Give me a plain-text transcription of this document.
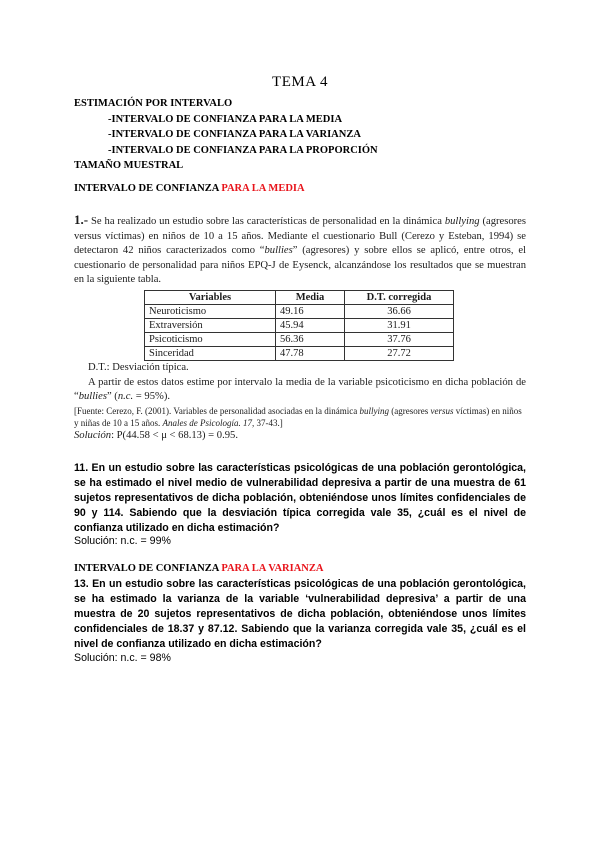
TEMA 4
ESTIMACIÓN POR INTERVALO
-INTERVALO DE CONFIANZA PARA LA MEDIA
-INTERVALO DE CONFIANZA PARA LA VARIANZA
-INTERVALO DE CONFIANZA PARA LA PROPORCIÓN
TAMAÑO MUESTRAL
INTERVALO DE CONFIANZA PARA LA MEDIA

1.- Se ha realizado un estudio sobre las características de personalidad en la dinámica bullying (agresores versus víctimas) en niños de 10 a 15 años. Mediante el cuestionario Bull (Cerezo y Esteban, 1994) se detectaron 42 niños caracterizados como “bullies” (agresores) y sobre ellos se aplicó, entre otros, el cuestionario de personalidad para niños EPQ-J de Eysenck, alcanzándose los resultados que se muestran en la siguiente tabla.

Variables	Media	D.T. corregida
Neuroticismo	49.16	36.66
Extraversión	45.94	31.91
Psicoticismo	56.36	37.76
Sinceridad	47.78	27.72

D.T.: Desviación típica.

A partir de estos datos estime por intervalo la media de la variable psicoticismo en dicha población de “bullies” (n.c. = 95%).

[Fuente: Cerezo, F. (2001). Variables de personalidad asociadas en la dinámica bullying (agresores versus víctimas) en niños y niñas de 10 a 15 años. Anales de Psicología. 17, 37-43.]

Solución: P(44.58 < μ < 68.13) = 0.95.

11. En un estudio sobre las características psicológicas de una población gerontológica, se ha estimado el nivel medio de vulnerabilidad depresiva a partir de una muestra de 61 sujetos representativos de dicha población, obteniéndose unos límites confidenciales de 90 y 114. Sabiendo que la desviación típica corregida vale 35, ¿cuál es el nivel de confianza utilizado en dicha estimación?
Solución: n.c. = 99%
INTERVALO DE CONFIANZA PARA LA VARIANZA
13. En un estudio sobre las características psicológicas de una población gerontológica, se ha estimado la varianza de la variable ‘vulnerabilidad depresiva’ a partir de una muestra de 20 sujetos representativos de dicha población, obteniéndose unos límites confidenciales de 18.37 y 87.12. Sabiendo que la varianza corregida vale 35, ¿cuál es el nivel de confianza utilizado en dicha estimación?
Solución: n.c. = 98%
